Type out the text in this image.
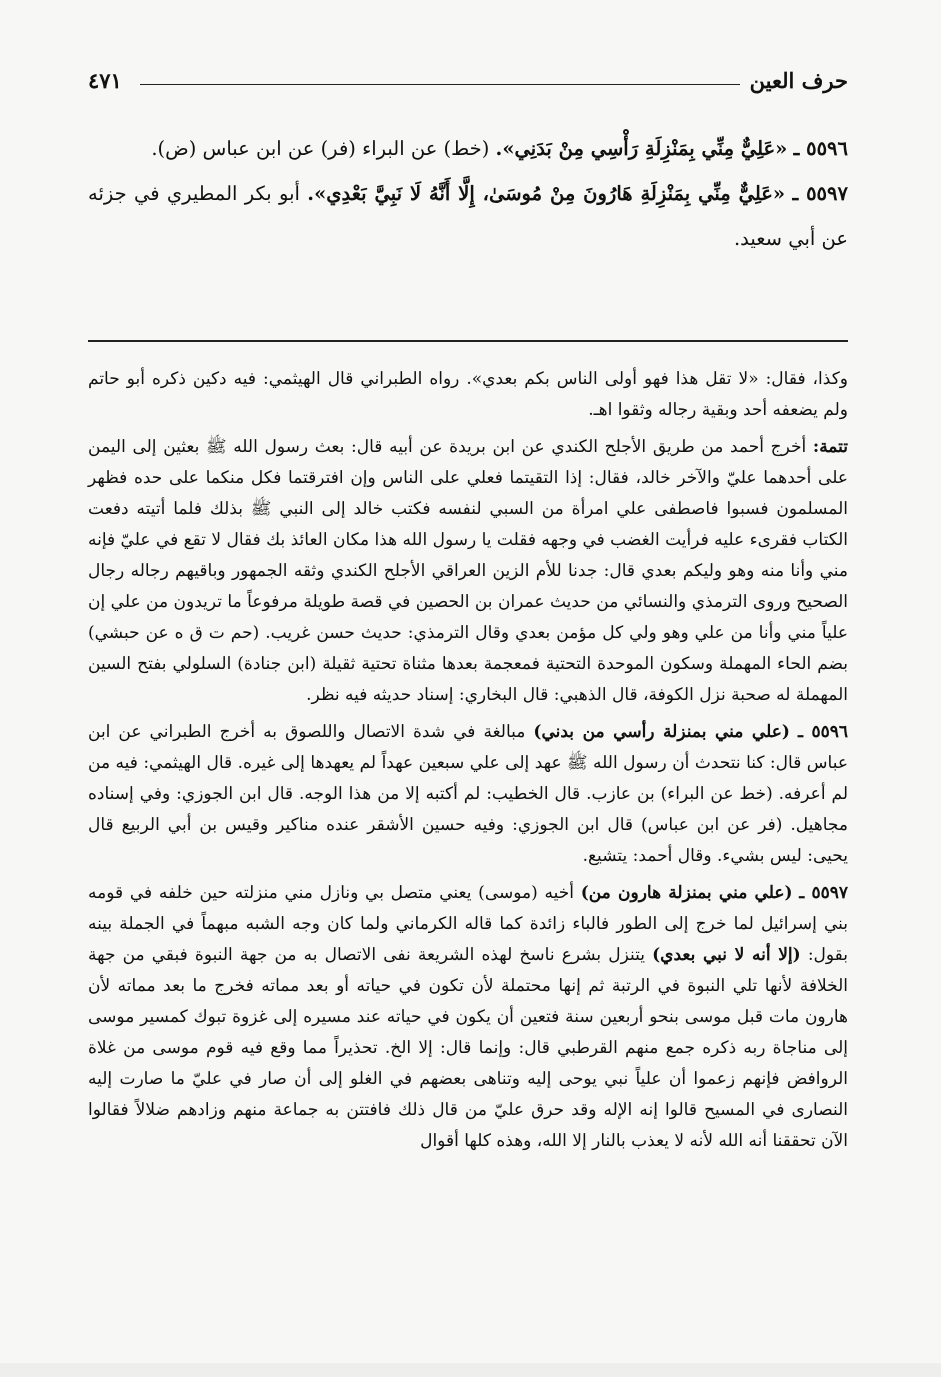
حرف العين
٤٧١

٥٥٩٦ ـ «عَلِيٌّ مِنِّي بِمَنْزِلَةِ رَأْسِي مِنْ بَدَنِي». (خط) عن البراء (فر) عن ابن عباس (ض).

٥٥٩٧ ـ «عَلِيٌّ مِنِّي بِمَنْزِلَةِ هَارُونَ مِنْ مُوسَىٰ، إِلَّا أَنَّهُ لَا نَبِيَّ بَعْدِي». أبو بكر المطيري في جزئه عن أبي سعيد.

وكذا، فقال: «لا تقل هذا فهو أولى الناس بكم بعدي». رواه الطبراني قال الهيثمي: فيه دكين ذكره أبو حاتم ولم يضعفه أحد وبقية رجاله وثقوا اهـ.

تتمة: أخرج أحمد من طريق الأجلح الكندي عن ابن بريدة عن أبيه قال: بعث رسول الله ﷺ بعثين إلى اليمن على أحدهما عليّ والآخر خالد، فقال: إذا التقيتما فعلي على الناس وإن افترقتما فكل منكما على حده فظهر المسلمون فسبوا فاصطفى علي امرأة من السبي لنفسه فكتب خالد إلى النبي ﷺ بذلك فلما أتيته دفعت الكتاب فقرىء عليه فرأيت الغضب في وجهه فقلت يا رسول الله هذا مكان العائذ بك فقال لا تقع في عليّ فإنه مني وأنا منه وهو وليكم بعدي قال: جدنا للأم الزين العراقي الأجلح الكندي وثقه الجمهور وباقيهم رجاله رجال الصحيح وروى الترمذي والنسائي من حديث عمران بن الحصين في قصة طويلة مرفوعاً ما تريدون من علي إن علياً مني وأنا من علي وهو ولي كل مؤمن بعدي وقال الترمذي: حديث حسن غريب. (حم ت ق ه عن حبشي) بضم الحاء المهملة وسكون الموحدة التحتية فمعجمة بعدها مثناة تحتية ثقيلة (ابن جنادة) السلولي بفتح السين المهملة له صحبة نزل الكوفة، قال الذهبي: قال البخاري: إسناد حديثه فيه نظر.

٥٥٩٦ ـ (علي مني بمنزلة رأسي من بدني) مبالغة في شدة الاتصال واللصوق به أخرج الطبراني عن ابن عباس قال: كنا نتحدث أن رسول الله ﷺ عهد إلى علي سبعين عهداً لم يعهدها إلى غيره. قال الهيثمي: فيه من لم أعرفه. (خط عن البراء) بن عازب. قال الخطيب: لم أكتبه إلا من هذا الوجه. قال ابن الجوزي: وفي إسناده مجاهيل. (فر عن ابن عباس) قال ابن الجوزي: وفيه حسين الأشقر عنده مناكير وقيس بن أبي الربيع قال يحيى: ليس بشيء. وقال أحمد: يتشيع.

٥٥٩٧ ـ (علي مني بمنزلة هارون من) أخيه (موسى) يعني متصل بي ونازل مني منزلته حين خلفه في قومه بني إسرائيل لما خرج إلى الطور فالباء زائدة كما قاله الكرماني ولما كان وجه الشبه مبهماً في الجملة بينه بقول: (إلا أنه لا نبي بعدي) يتنزل بشرع ناسخ لهذه الشريعة نفى الاتصال به من جهة النبوة فبقي من جهة الخلافة لأنها تلي النبوة في الرتبة ثم إنها محتملة لأن تكون في حياته أو بعد مماته فخرج ما بعد مماته لأن هارون مات قبل موسى بنحو أربعين سنة فتعين أن يكون في حياته عند مسيره إلى غزوة تبوك كمسير موسى إلى مناجاة ربه ذكره جمع منهم القرطبي قال: وإنما قال: إلا الخ. تحذيراً مما وقع فيه قوم موسى من غلاة الروافض فإنهم زعموا أن علياً نبي يوحى إليه وتناهى بعضهم في الغلو إلى أن صار في عليّ ما صارت إليه النصارى في المسيح قالوا إنه الإله وقد حرق عليّ من قال ذلك فافتتن به جماعة منهم وزادهم ضلالاً فقالوا الآن تحققنا أنه الله لأنه لا يعذب بالنار إلا الله، وهذه كلها أقوال
